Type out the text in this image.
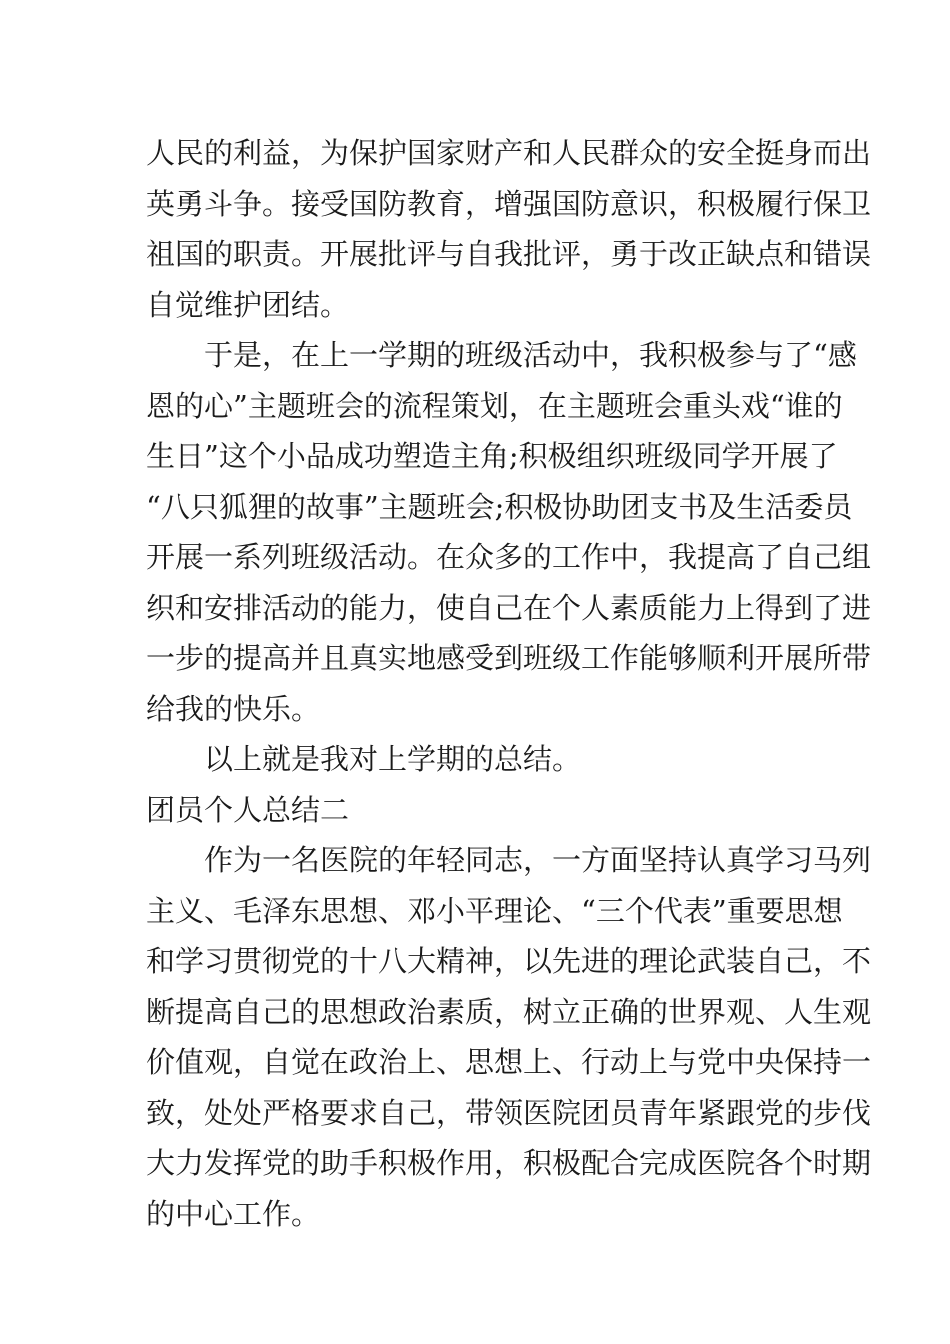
人民的利益，为保护国家财产和人民群众的安全挺身而出
英勇斗争。接受国防教育，增强国防意识，积极履行保卫
祖国的职责。开展批评与自我批评，勇于改正缺点和错误
自觉维护团结。
于是，在上一学期的班级活动中，我积极参与了“感
恩的心”主题班会的流程策划，在主题班会重头戏“谁的
生日”这个小品成功塑造主角;积极组织班级同学开展了
“八只狐狸的故事”主题班会;积极协助团支书及生活委员
开展一系列班级活动。在众多的工作中，我提高了自己组
织和安排活动的能力，使自己在个人素质能力上得到了进
一步的提高并且真实地感受到班级工作能够顺利开展所带
给我的快乐。
以上就是我对上学期的总结。
团员个人总结二
作为一名医院的年轻同志，一方面坚持认真学习马列
主义、毛泽东思想、邓小平理论、“三个代表”重要思想
和学习贯彻党的十八大精神，以先进的理论武装自己，不
断提高自己的思想政治素质，树立正确的世界观、人生观
价值观，自觉在政治上、思想上、行动上与党中央保持一
致，处处严格要求自己，带领医院团员青年紧跟党的步伐
大力发挥党的助手积极作用，积极配合完成医院各个时期
的中心工作。
